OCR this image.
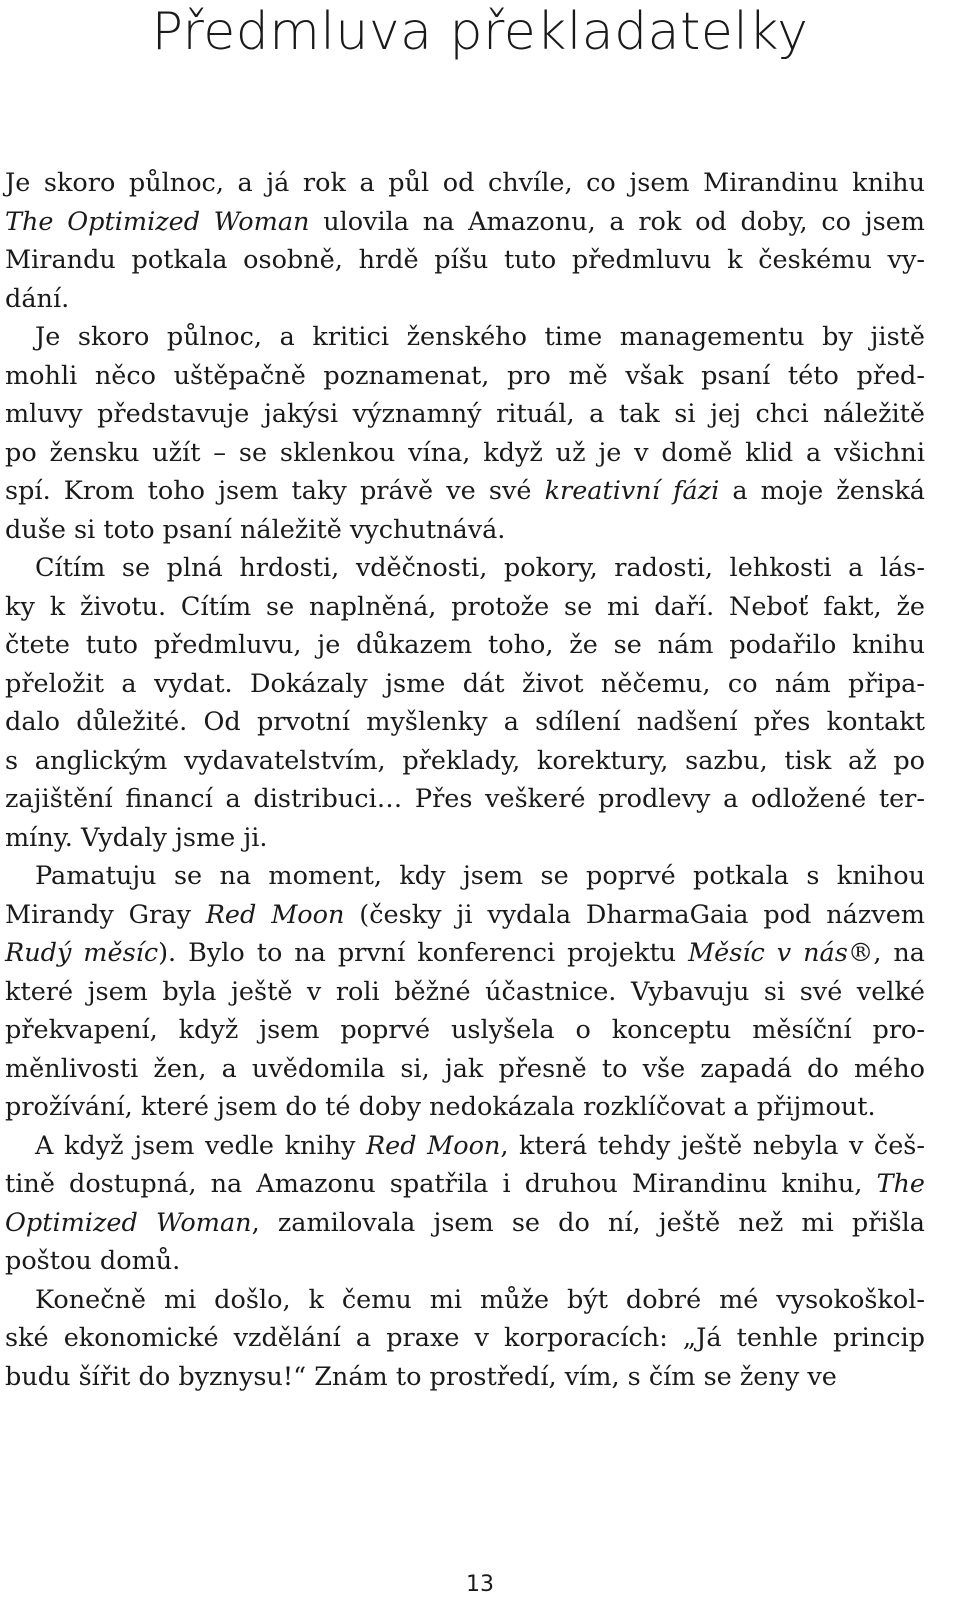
Předmluva překladatelky
Je skoro půlnoc, a já rok a půl od chvíle, co jsem Mirandinu knihu
The Optimized Woman ulovila na Amazonu, a rok od doby, co jsem
Mirandu potkala osobně, hrdě píšu tuto předmluvu k českému vy-
dání.
Je skoro půlnoc, a kritici ženského time managementu by jistě
mohli něco uštěpačně poznamenat, pro mě však psaní této před-
mluvy představuje jakýsi významný rituál, a tak si jej chci náležitě
po žensku užít – se sklenkou vína, když už je v domě klid a všichni
spí. Krom toho jsem taky právě ve své kreativní fázi a moje ženská
duše si toto psaní náležitě vychutnává.
Cítím se plná hrdosti, vděčnosti, pokory, radosti, lehkosti a lás-
ky k životu. Cítím se naplněná, protože se mi daří. Neboť fakt, že
čtete tuto předmluvu, je důkazem toho, že se nám podařilo knihu
přeložit a vydat. Dokázaly jsme dát život něčemu, co nám připa-
dalo důležité. Od prvotní myšlenky a sdílení nadšení přes kontakt
s anglickým vydavatelstvím, překlady, korektury, sazbu, tisk až po
zajištění financí a distribuci… Přes veškeré prodlevy a odložené ter-
míny. Vydaly jsme ji.
Pamatuju se na moment, kdy jsem se poprvé potkala s knihou
Mirandy Gray Red Moon (česky ji vydala DharmaGaia pod názvem
Rudý měsíc). Bylo to na první konferenci projektu Měsíc v nás®, na
které jsem byla ještě v roli běžné účastnice. Vybavuju si své velké
překvapení, když jsem poprvé uslyšela o konceptu měsíční pro-
měnlivosti žen, a uvědomila si, jak přesně to vše zapadá do mého
prožívání, které jsem do té doby nedokázala rozklíčovat a přijmout.
A když jsem vedle knihy Red Moon, která tehdy ještě nebyla v češ-
tině dostupná, na Amazonu spatřila i druhou Mirandinu knihu, The
Optimized Woman, zamilovala jsem se do ní, ještě než mi přišla
poštou domů.
Konečně mi došlo, k čemu mi může být dobré mé vysokoškol-
ské ekonomické vzdělání a praxe v korporacích: „Já tenhle princip
budu šířit do byznysu!“ Znám to prostředí, vím, s čím se ženy ve
13
